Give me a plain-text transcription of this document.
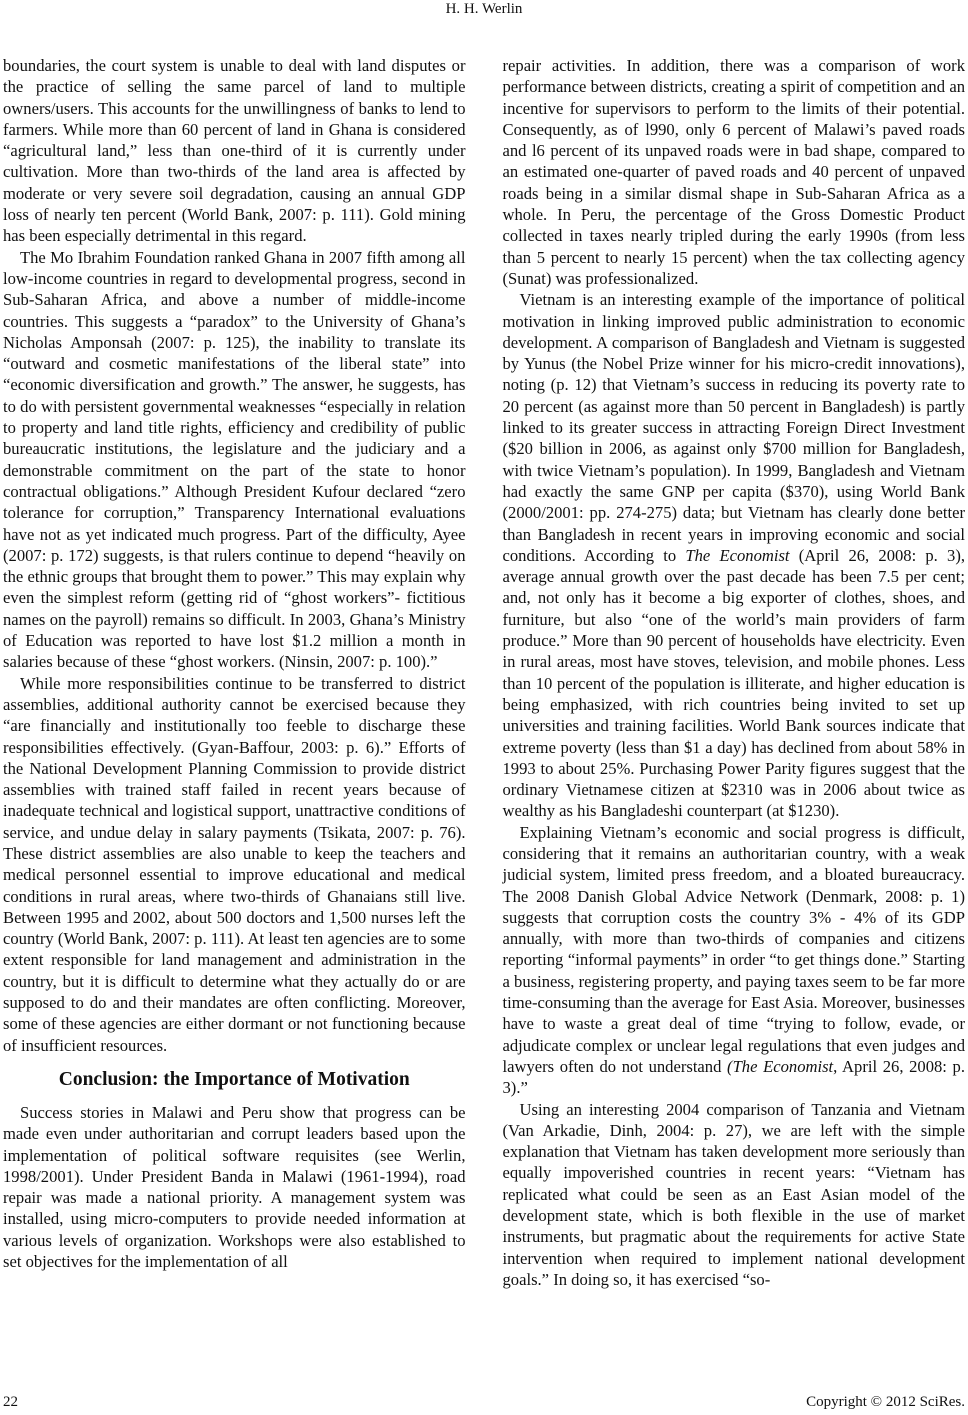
H. H. Werlin

boundaries, the court system is unable to deal with land disputes or the practice of selling the same parcel of land to multiple owners/users. This accounts for the unwillingness of banks to lend to farmers. While more than 60 percent of land in Ghana is considered “agricultural land,” less than one-third of it is currently under cultivation. More than two-thirds of the land area is affected by moderate or very severe soil degradation, causing an annual GDP loss of nearly ten percent (World Bank, 2007: p. 111). Gold mining has been especially detrimental in this regard.

The Mo Ibrahim Foundation ranked Ghana in 2007 fifth among all low-income countries in regard to developmental progress, second in Sub-Saharan Africa, and above a number of middle-income countries. This suggests a “paradox” to the University of Ghana’s Nicholas Amponsah (2007: p. 125), the inability to translate its “outward and cosmetic manifestations of the liberal state” into “economic diversification and growth.” The answer, he suggests, has to do with persistent governmental weaknesses “especially in relation to property and land title rights, efficiency and credibility of public bureaucratic institutions, the legislature and the judiciary and a demonstrable commitment on the part of the state to honor contractual obligations.” Although President Kufour declared “zero tolerance for corruption,” Transparency International evaluations have not as yet indicated much progress. Part of the difficulty, Ayee (2007: p. 172) suggests, is that rulers continue to depend “heavily on the ethnic groups that brought them to power.” This may explain why even the simplest reform (getting rid of “ghost workers”- fictitious names on the payroll) remains so difficult. In 2003, Ghana’s Ministry of Education was reported to have lost $1.2 million a month in salaries because of these “ghost workers. (Ninsin, 2007: p. 100).”

While more responsibilities continue to be transferred to district assemblies, additional authority cannot be exercised because they “are financially and institutionally too feeble to discharge these responsibilities effectively. (Gyan-Baffour, 2003: p. 6).” Efforts of the National Development Planning Commission to provide district assemblies with trained staff failed in recent years because of inadequate technical and logistical support, unattractive conditions of service, and undue delay in salary payments (Tsikata, 2007: p. 76). These district assemblies are also unable to keep the teachers and medical personnel essential to improve educational and medical conditions in rural areas, where two-thirds of Ghanaians still live. Between 1995 and 2002, about 500 doctors and 1,500 nurses left the country (World Bank, 2007: p. 111). At least ten agencies are to some extent responsible for land management and administration in the country, but it is difficult to determine what they actually do or are supposed to do and their mandates are often conflicting. Moreover, some of these agencies are either dormant or not functioning because of insufficient resources.

Conclusion: the Importance of Motivation

Success stories in Malawi and Peru show that progress can be made even under authoritarian and corrupt leaders based upon the implementation of political software requisites (see Werlin, 1998/2001). Under President Banda in Malawi (1961-1994), road repair was made a national priority. A management system was installed, using micro-computers to provide needed information at various levels of organization. Workshops were also established to set objectives for the implementation of all

repair activities. In addition, there was a comparison of work performance between districts, creating a spirit of competition and an incentive for supervisors to perform to the limits of their potential. Consequently, as of l990, only 6 percent of Malawi’s paved roads and l6 percent of its unpaved roads were in bad shape, compared to an estimated one-quarter of paved roads and 40 percent of unpaved roads being in a similar dismal shape in Sub-Saharan Africa as a whole. In Peru, the percentage of the Gross Domestic Product collected in taxes nearly tripled during the early 1990s (from less than 5 percent to nearly 15 percent) when the tax collecting agency (Sunat) was professionalized.

Vietnam is an interesting example of the importance of political motivation in linking improved public administration to economic development. A comparison of Bangladesh and Vietnam is suggested by Yunus (the Nobel Prize winner for his micro-credit innovations), noting (p. 12) that Vietnam’s success in reducing its poverty rate to 20 percent (as against more than 50 percent in Bangladesh) is partly linked to its greater success in attracting Foreign Direct Investment ($20 billion in 2006, as against only $700 million for Bangladesh, with twice Vietnam’s population). In 1999, Bangladesh and Vietnam had exactly the same GNP per capita ($370), using World Bank (2000/2001: pp. 274-275) data; but Vietnam has clearly done better than Bangladesh in recent years in improving economic and social conditions. According to The Economist (April 26, 2008: p. 3), average annual growth over the past decade has been 7.5 per cent; and, not only has it become a big exporter of clothes, shoes, and furniture, but also “one of the world’s main providers of farm produce.” More than 90 percent of households have electricity. Even in rural areas, most have stoves, television, and mobile phones. Less than 10 percent of the population is illiterate, and higher education is being emphasized, with rich countries being invited to set up universities and training facilities. World Bank sources indicate that extreme poverty (less than $1 a day) has declined from about 58% in 1993 to about 25%. Purchasing Power Parity figures suggest that the ordinary Vietnamese citizen at $2310 was in 2006 about twice as wealthy as his Bangladeshi counterpart (at $1230).

Explaining Vietnam’s economic and social progress is difficult, considering that it remains an authoritarian country, with a weak judicial system, limited press freedom, and a bloated bureaucracy. The 2008 Danish Global Advice Network (Denmark, 2008: p. 1) suggests that corruption costs the country 3% - 4% of its GDP annually, with more than two-thirds of companies and citizens reporting “informal payments” in order “to get things done.” Starting a business, registering property, and paying taxes seem to be far more time-consuming than the average for East Asia. Moreover, businesses have to waste a great deal of time “trying to follow, evade, or adjudicate complex or unclear legal regulations that even judges and lawyers often do not understand (The Economist, April 26, 2008: p. 3).”

Using an interesting 2004 comparison of Tanzania and Vietnam (Van Arkadie, Dinh, 2004: p. 27), we are left with the simple explanation that Vietnam has taken development more seriously than equally impoverished countries in recent years: “Vietnam has replicated what could be seen as an East Asian model of the development state, which is both flexible in the use of market instruments, but pragmatic about the requirements for active State intervention when required to implement national development goals.” In doing so, it has exercised “so-

22	Copyright © 2012 SciRes.
